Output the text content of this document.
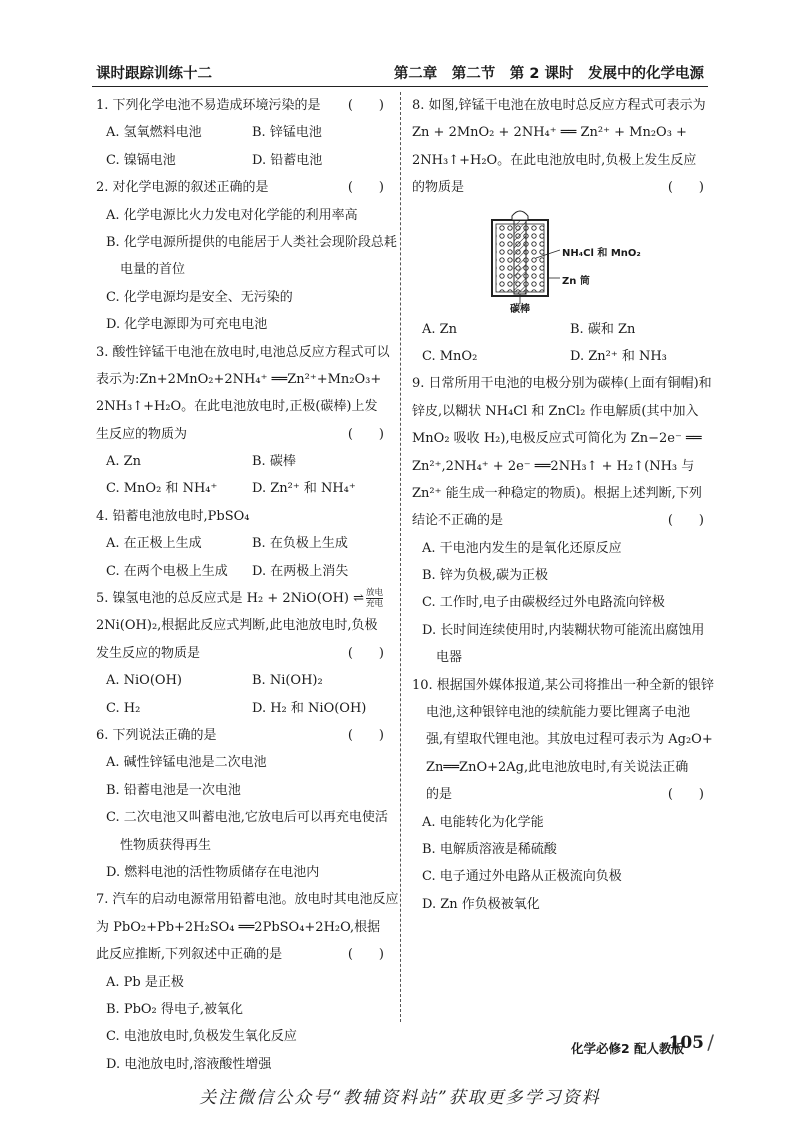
课时跟踪训练十二	第二章　第二节　第 2 课时　发展中的化学电源
1. 下列化学电池不易造成环境污染的是 (　　)
A. 氢氧燃料电池	B. 锌锰电池
C. 镍镉电池	D. 铅蓄电池
2. 对化学电源的叙述正确的是	(　　)
A. 化学电源比火力发电对化学能的利用率高
B. 化学电源所提供的电能居于人类社会现阶段总耗
电量的首位
C. 化学电源均是安全、无污染的
D. 化学电源即为可充电电池
3. 酸性锌锰干电池在放电时,电池总反应方程式可以
表示为:Zn+2MnO₂+2NH₄⁺ ══Zn²⁺+Mn₂O₃+
2NH₃↑+H₂O。在此电池放电时,正极(碳棒)上发
生反应的物质为	(　　)
A. Zn	B. 碳棒
C. MnO₂ 和 NH₄⁺	D. Zn²⁺ 和 NH₄⁺
4. 铅蓄电池放电时,PbSO₄
A. 在正极上生成	B. 在负极上生成
C. 在两个电极上生成	D. 在两极上消失
5. 镍氢电池的总反应式是 H₂ + 2NiO(OH) ⇌ 放电
充电
2Ni(OH)₂,根据此反应式判断,此电池放电时,负极
发生反应的物质是	(　　)
A. NiO(OH)	B. Ni(OH)₂
C. H₂	D. H₂ 和 NiO(OH)
6. 下列说法正确的是	(　　)
A. 碱性锌锰电池是二次电池
B. 铅蓄电池是一次电池
C. 二次电池又叫蓄电池,它放电后可以再充电使活
性物质获得再生
D. 燃料电池的活性物质储存在电池内
7. 汽车的启动电源常用铅蓄电池。放电时其电池反应
为 PbO₂+Pb+2H₂SO₄ ══2PbSO₄+2H₂O,根据
此反应推断,下列叙述中正确的是	(　　)
A. Pb 是正极
B. PbO₂ 得电子,被氧化
C. 电池放电时,负极发生氧化反应
D. 电池放电时,溶液酸性增强
8. 如图,锌锰干电池在放电时总反应方程式可表示为
Zn + 2MnO₂ + 2NH₄⁺ ══ Zn²⁺ + Mn₂O₃ +
2NH₃↑+H₂O。在此电池放电时,负极上发生反应
的物质是	(　　)
NH₄Cl 和 MnO₂
Zn 筒
碳棒
A. Zn	B. 碳和 Zn
C. MnO₂	D. Zn²⁺ 和 NH₃
9. 日常所用干电池的电极分别为碳棒(上面有铜帽)和
锌皮,以糊状 NH₄Cl 和 ZnCl₂ 作电解质(其中加入
MnO₂ 吸收 H₂),电极反应式可简化为 Zn−2e⁻ ══
Zn²⁺,2NH₄⁺ + 2e⁻ ══2NH₃↑ + H₂↑(NH₃ 与
Zn²⁺ 能生成一种稳定的物质)。根据上述判断,下列
结论不正确的是	(　　)
A. 干电池内发生的是氧化还原反应
B. 锌为负极,碳为正极
C. 工作时,电子由碳极经过外电路流向锌极
D. 长时间连续使用时,内装糊状物可能流出腐蚀用
电器
10. 根据国外媒体报道,某公司将推出一种全新的银锌
电池,这种银锌电池的续航能力要比锂离子电池
强,有望取代锂电池。其放电过程可表示为 Ag₂O+
Zn══ZnO+2Ag,此电池放电时,有关说法正确
的是	(　　)
A. 电能转化为化学能
B. 电解质溶液是稀硫酸
C. 电子通过外电路从正极流向负极
D. Zn 作负极被氧化
化学必修2 配人教版
105 /
关注微信公众号“教辅资料站”获取更多学习资料
